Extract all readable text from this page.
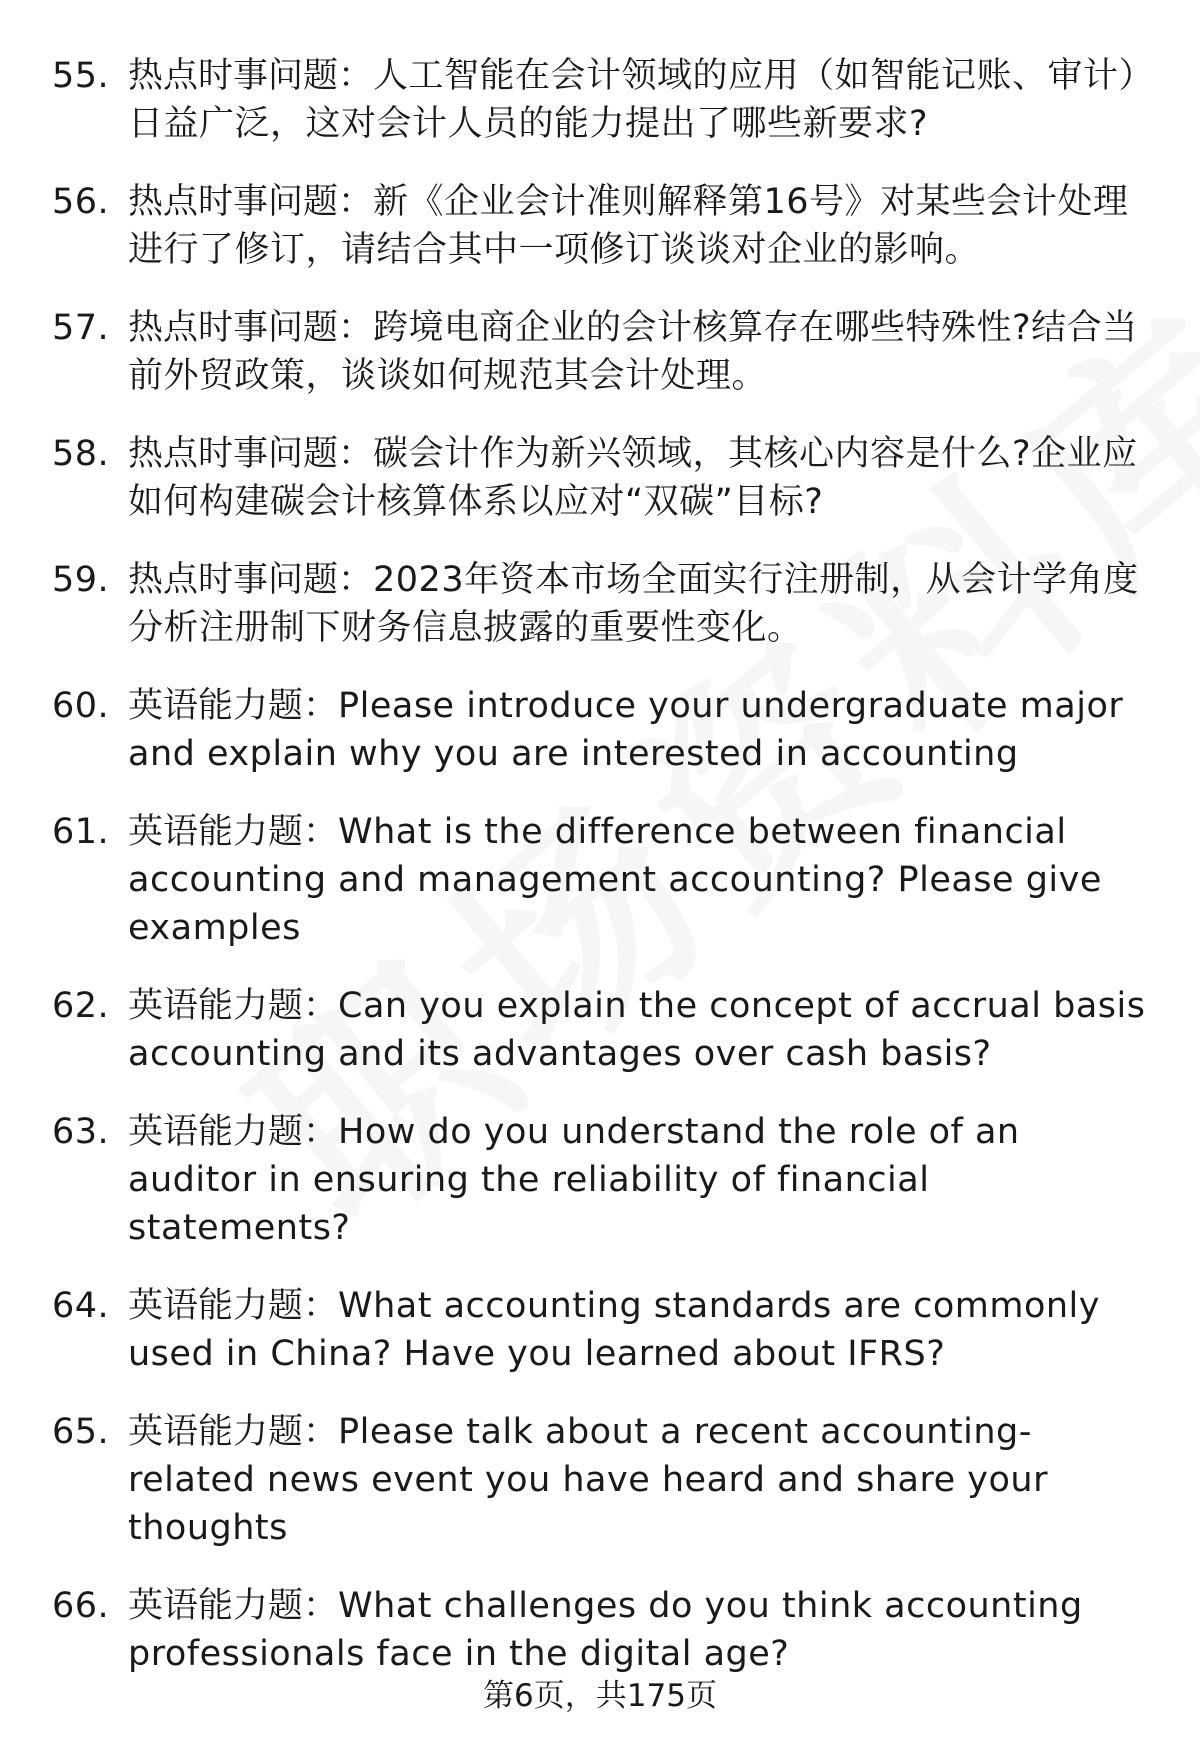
55. 热点时事问题：人工智能在会计领域的应用（如智能记账、审计）日益广泛，这对会计人员的能力提出了哪些新要求?
56. 热点时事问题：新《企业会计准则解释第16号》对某些会计处理进行了修订，请结合其中一项修订谈谈对企业的影响。
57. 热点时事问题：跨境电商企业的会计核算存在哪些特殊性?结合当前外贸政策，谈谈如何规范其会计处理。
58. 热点时事问题：碳会计作为新兴领域，其核心内容是什么?企业应如何构建碳会计核算体系以应对“双碳”目标?
59. 热点时事问题：2023年资本市场全面实行注册制，从会计学角度分析注册制下财务信息披露的重要性变化。
60. 英语能力题：Please introduce your undergraduate major and explain why you are interested in accounting
61. 英语能力题：What is the difference between financial accounting and management accounting? Please give examples
62. 英语能力题：Can you explain the concept of accrual basis accounting and its advantages over cash basis?
63. 英语能力题：How do you understand the role of an auditor in ensuring the reliability of financial statements?
64. 英语能力题：What accounting standards are commonly used in China? Have you learned about IFRS?
65. 英语能力题：Please talk about a recent accounting-related news event you have heard and share your thoughts
66. 英语能力题：What challenges do you think accounting professionals face in the digital age?
第6页，共175页
